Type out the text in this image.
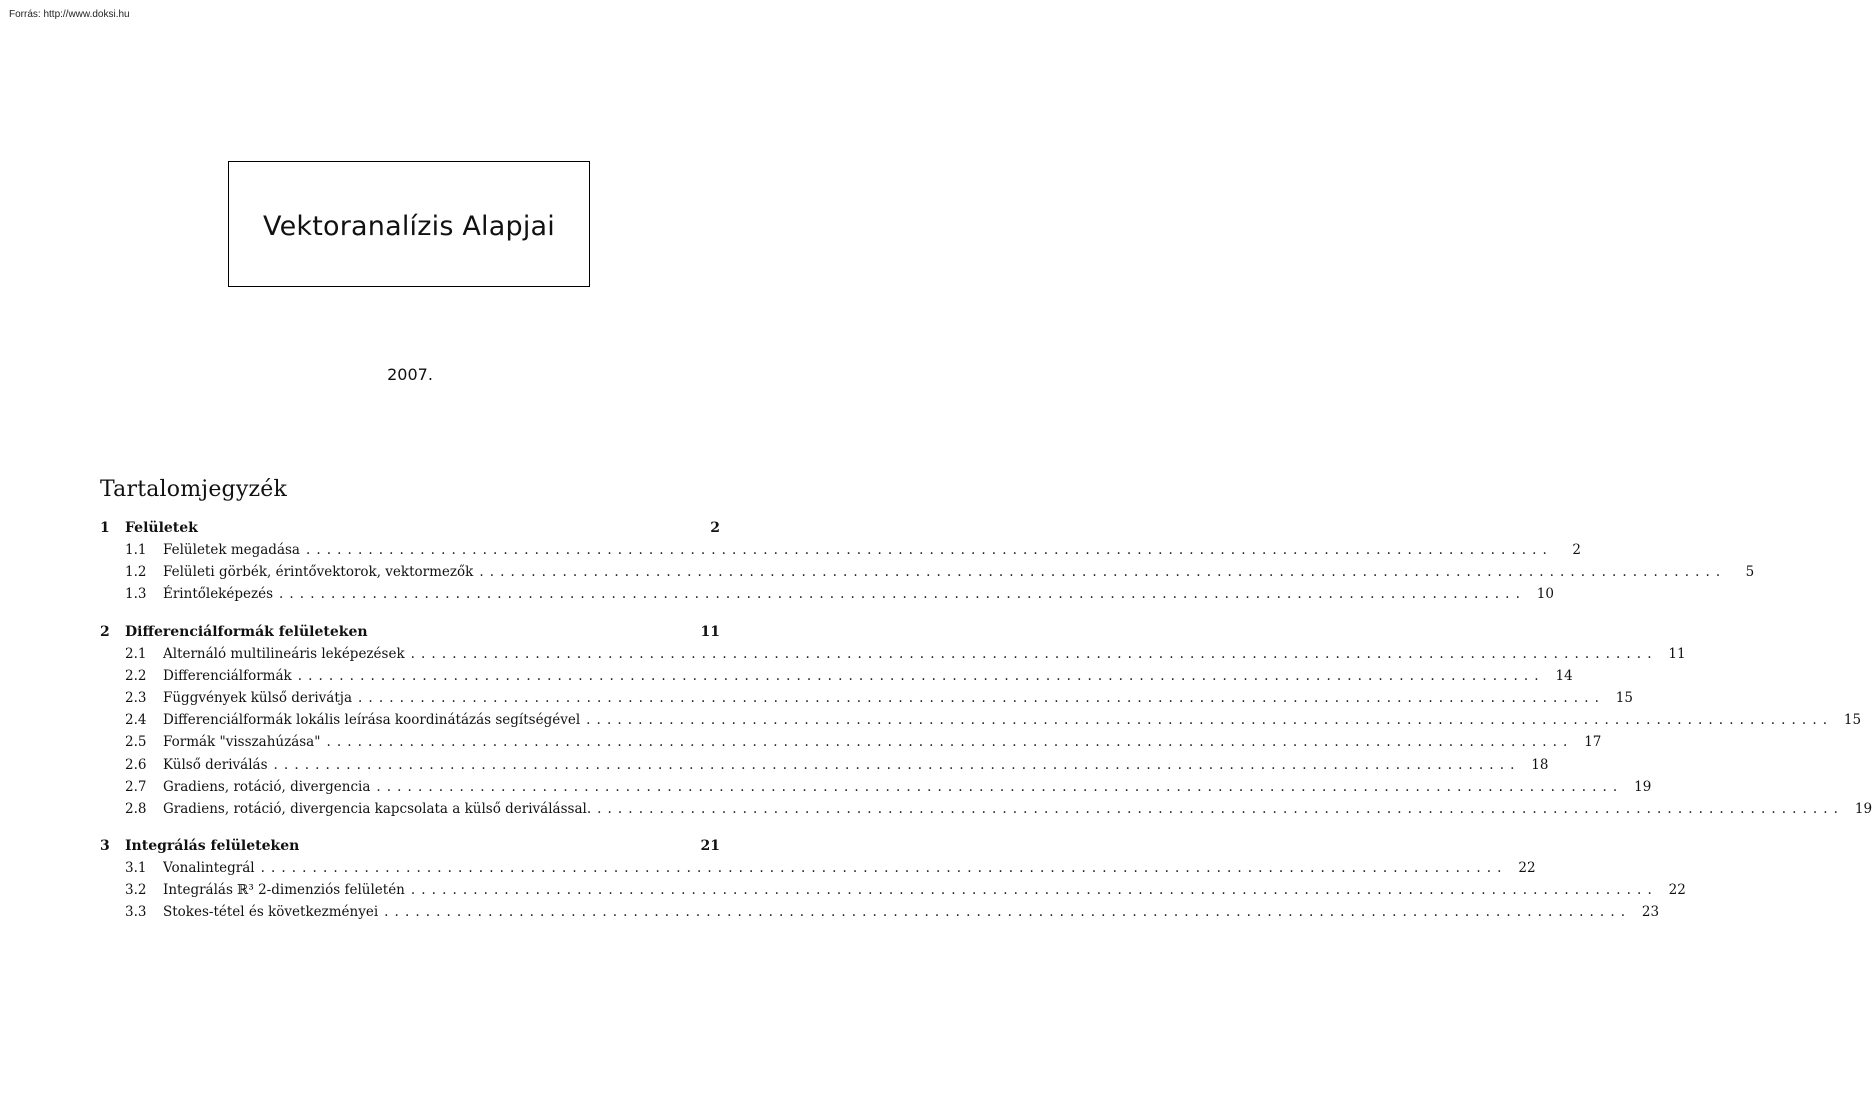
Forrás: http://www.doksi.hu
Vektoranalízis Alapjai
2007.
Tartalomjegyzék
1	Felületek	2
1.1	Felületek megadása ........................................................................................................................	2
1.2	Felületi görbék, érintővektorok, vektormezők ........................................................................................................................	5
1.3	Érintőleképezés ........................................................................................................................ 10
2	Differenciálformák felületeken	11
2.1	Alternáló multilineáris leképezések ........................................................................................................................ 11
2.2	Differenciálformák ........................................................................................................................ 14
2.3	Függvények külső derivátja ........................................................................................................................ 15
2.4	Differenciálformák lokális leírása koordinátázás segítségével ........................................................................................................................ 15
2.5	Formák "visszahúzása" ........................................................................................................................ 17
2.6	Külső deriválás ........................................................................................................................ 18
2.7	Gradiens, rotáció, divergencia ........................................................................................................................ 19
2.8	Gradiens, rotáció, divergencia kapcsolata a külső deriválással. ........................................................................................................................ 19
3	Integrálás felületeken	21
3.1	Vonalintegrál ........................................................................................................................ 22
3.2	Integrálás ℝ³ 2-dimenziós felületén ........................................................................................................................ 22
3.3	Stokes-tétel és következményei ........................................................................................................................ 23
